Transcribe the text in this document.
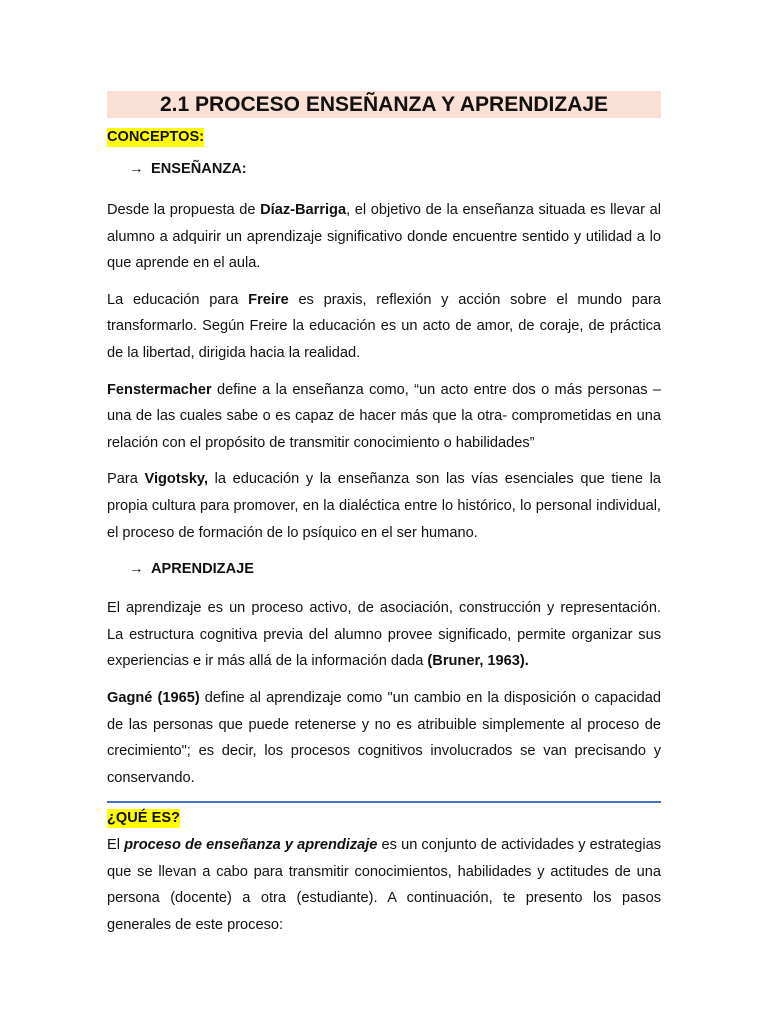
2.1 PROCESO ENSEÑANZA Y APRENDIZAJE
CONCEPTOS:
→ ENSEÑANZA:

Desde la propuesta de Díaz-Barriga, el objetivo de la enseñanza situada es llevar al alumno a adquirir un aprendizaje significativo donde encuentre sentido y utilidad a lo que aprende en el aula.

La educación para Freire es praxis, reflexión y acción sobre el mundo para transformarlo. Según Freire la educación es un acto de amor, de coraje, de práctica de la libertad, dirigida hacia la realidad.

Fenstermacher define a la enseñanza como, “un acto entre dos o más personas – una de las cuales sabe o es capaz de hacer más que la otra- comprometidas en una relación con el propósito de transmitir conocimiento o habilidades”

Para Vigotsky, la educación y la enseñanza son las vías esenciales que tiene la propia cultura para promover, en la dialéctica entre lo histórico, lo personal individual, el proceso de formación de lo psíquico en el ser humano.

→ APRENDIZAJE

El aprendizaje es un proceso activo, de asociación, construcción y representación. La estructura cognitiva previa del alumno provee significado, permite organizar sus experiencias e ir más allá de la información dada (Bruner, 1963).

Gagné (1965) define al aprendizaje como "un cambio en la disposición o capacidad de las personas que puede retenerse y no es atribuible simplemente al proceso de crecimiento"; es decir, los procesos cognitivos involucrados se van precisando y conservando.

¿QUÉ ES?

El proceso de enseñanza y aprendizaje es un conjunto de actividades y estrategias que se llevan a cabo para transmitir conocimientos, habilidades y actitudes de una persona (docente) a otra (estudiante). A continuación, te presento los pasos generales de este proceso:
